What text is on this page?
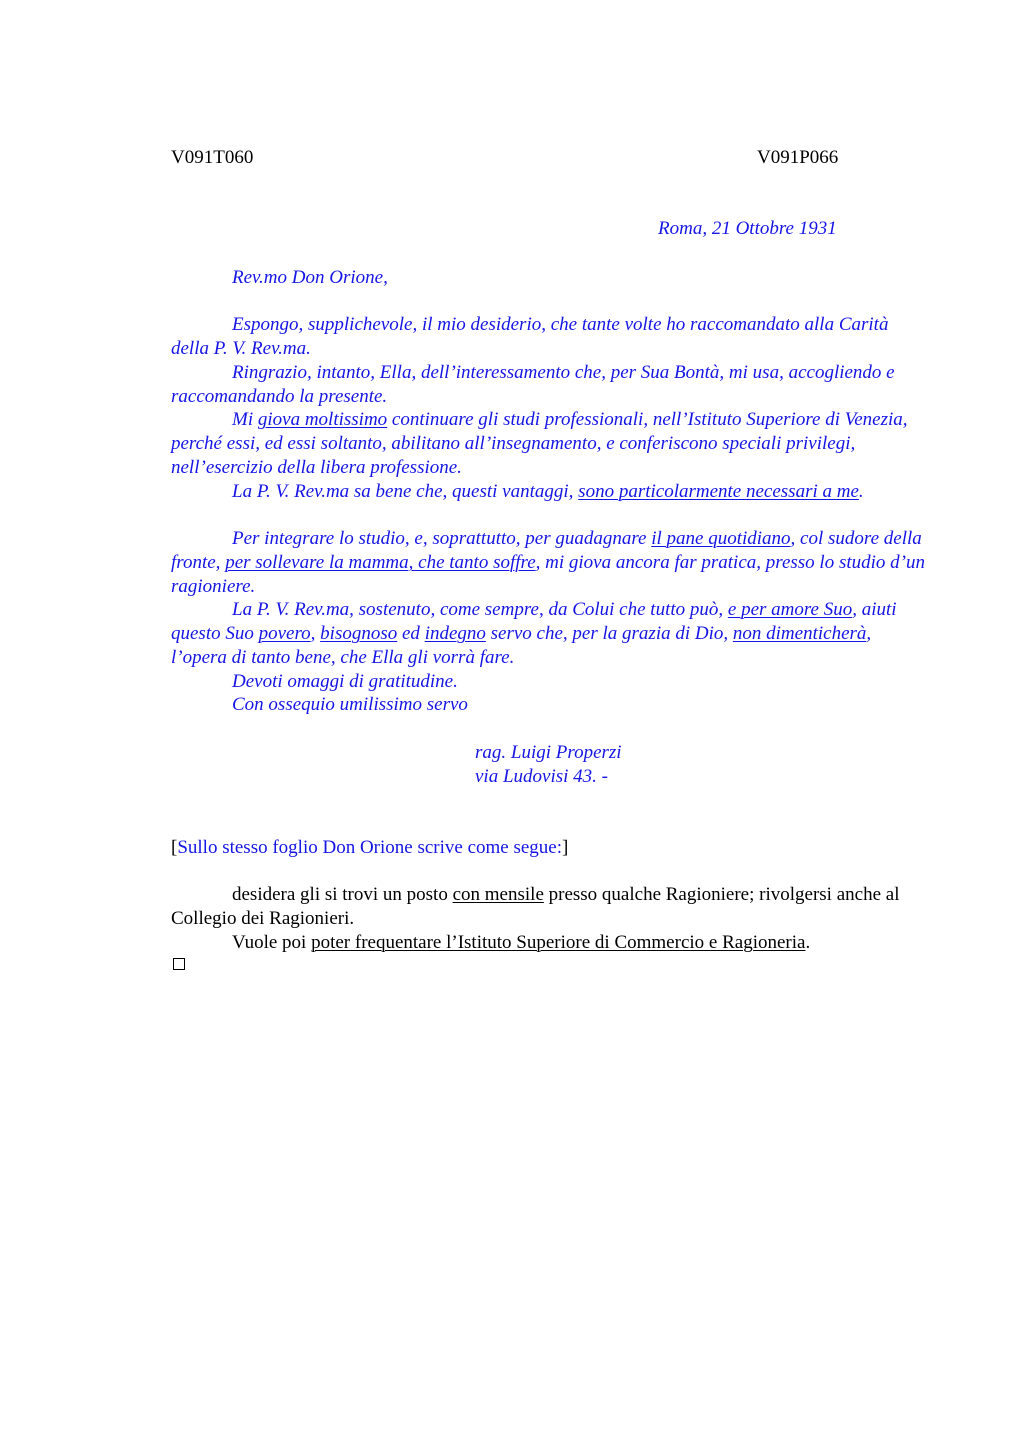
V091T060	V091P066
Roma, 21 Ottobre 1931
Rev.mo Don Orione,
Espongo, supplichevole, il mio desiderio, che tante volte ho raccomandato alla Carità della P. V. Rev.ma.
Ringrazio, intanto, Ella, dell’interessamento che, per Sua Bontà, mi usa, accogliendo e raccomandando la presente.
Mi giova moltissimo continuare gli studi professionali, nell’Istituto Superiore di Venezia, perché essi, ed essi soltanto, abilitano all’insegnamento, e conferiscono speciali privilegi, nell’esercizio della libera professione.
La P. V. Rev.ma sa bene che, questi vantaggi, sono particolarmente necessari a me.
Per integrare lo studio, e, soprattutto, per guadagnare il pane quotidiano, col sudore della fronte, per sollevare la mamma, che tanto soffre, mi giova ancora far pratica, presso lo studio d’un ragioniere.
La P. V. Rev.ma, sostenuto, come sempre, da Colui che tutto può, e per amore Suo, aiuti questo Suo povero, bisognoso ed indegno servo che, per la grazia di Dio, non dimenticherà, l’opera di tanto bene, che Ella gli vorrà fare.
Devoti omaggi di gratitudine.
Con ossequio umilissimo servo
rag. Luigi Properzi
via Ludovisi 43. -
[Sullo stesso foglio Don Orione scrive come segue:]
desidera gli si trovi un posto con mensile presso qualche Ragioniere; rivolgersi anche al Collegio dei Ragionieri.
Vuole poi poter frequentare l’Istituto Superiore di Commercio e Ragioneria.
